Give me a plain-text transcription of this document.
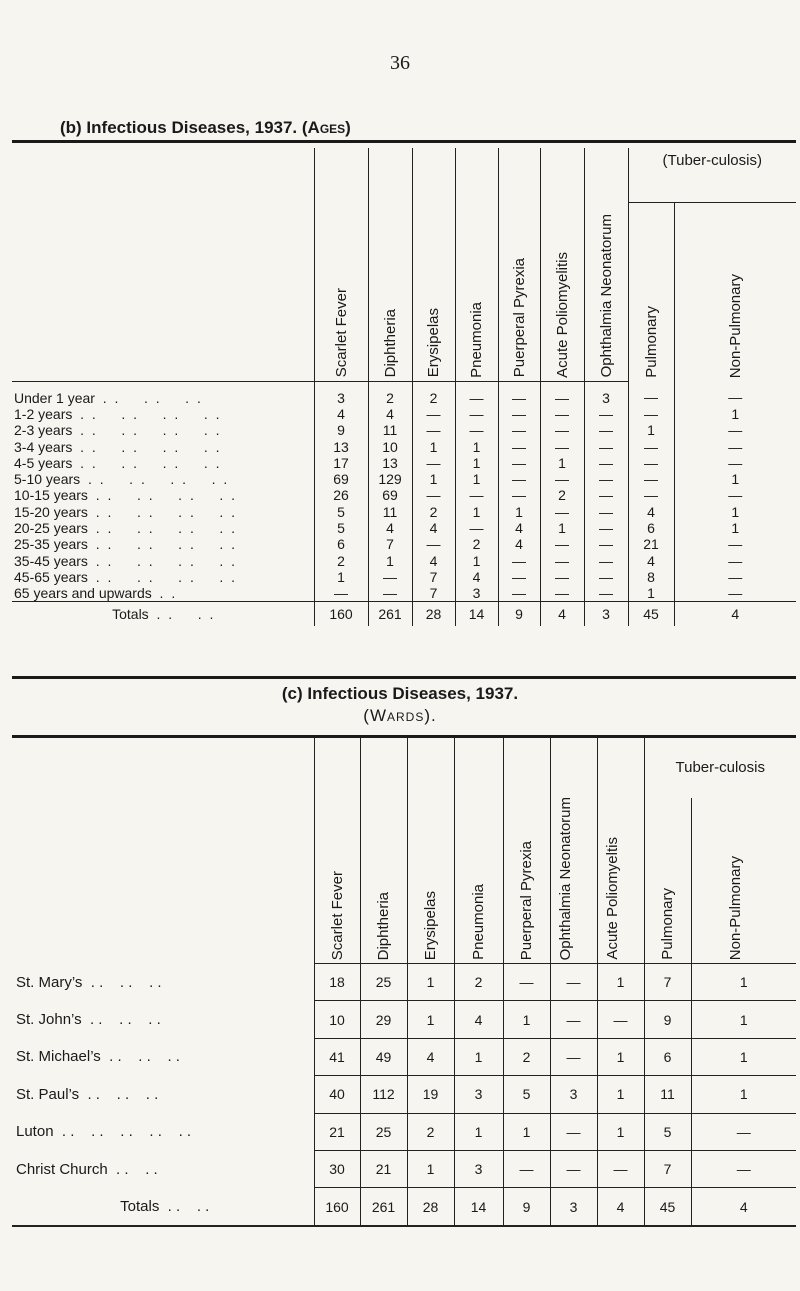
36
(b) Infectious Diseases, 1937. (Ages)
	Scarlet Fever	Diphtheria	Erysipelas	Pneumonia	Puerperal Pyrexia	Acute Poliomyelitis	Ophthalmia Neonatorum	(Tuber-culosis)	
								Pulmonary	Non-Pulmonary
Under 1 year . .    . .    . .	3	2	2	—	—	—	3	—	—
1-2 years . .    . .    . .    . .	4	4	—	—	—	—	—	—	1
2-3 years . .    . .    . .    . .	9	11	—	—	—	—	—	1	—
3-4 years . .    . .    . .    . .	13	10	1	1	—	—	—	—	—
4-5 years . .    . .    . .    . .	17	13	—	1	—	1	—	—	—
5-10 years . .    . .    . .    . .	69	129	1	1	—	—	—	—	1
10-15 years . .    . .    . .    . .	26	69	—	—	—	2	—	—	—
15-20 years . .    . .    . .    . .	5	11	2	1	1	—	—	4	1
20-25 years . .    . .    . .    . .	5	4	4	—	4	1	—	6	1
25-35 years . .    . .    . .    . .	6	7	—	2	4	—	—	21	—
35-45 years . .    . .    . .    . .	2	1	4	1	—	—	—	4	—
45-65 years . .    . .    . .    . .	1	—	7	4	—	—	—	8	—
65 years and upwards . .	—	—	7	3	—	—	—	1	—
Totals . .    . .	160	261	28	14	9	4	3	45	4
(c) Infectious Diseases, 1937.
(Wards).
	Scarlet Fever	Diphtheria	Erysipelas	Pneumonia	Puerperal Pyrexia	Ophthalmia Neonatorum	Acute Poliomyeltis	Tuber-culosis	
								Pulmonary	Non-Pulmonary
St. Mary’s . .    . .    . .	18	25	1	2	—	—	1	7	1
St. John’s . .    . .    . .	10	29	1	4	1	—	—	9	1
St. Michael’s . .    . .    . .	41	49	4	1	2	—	1	6	1
St. Paul’s . .    . .    . .	40	112	19	3	5	3	1	11	1
Luton . .    . .    . .    . .    . .	21	25	2	1	1	—	1	5	—
Christ Church . .    . .	30	21	1	3	—	—	—	7	—
Totals . .    . .	160	261	28	14	9	3	4	45	4
